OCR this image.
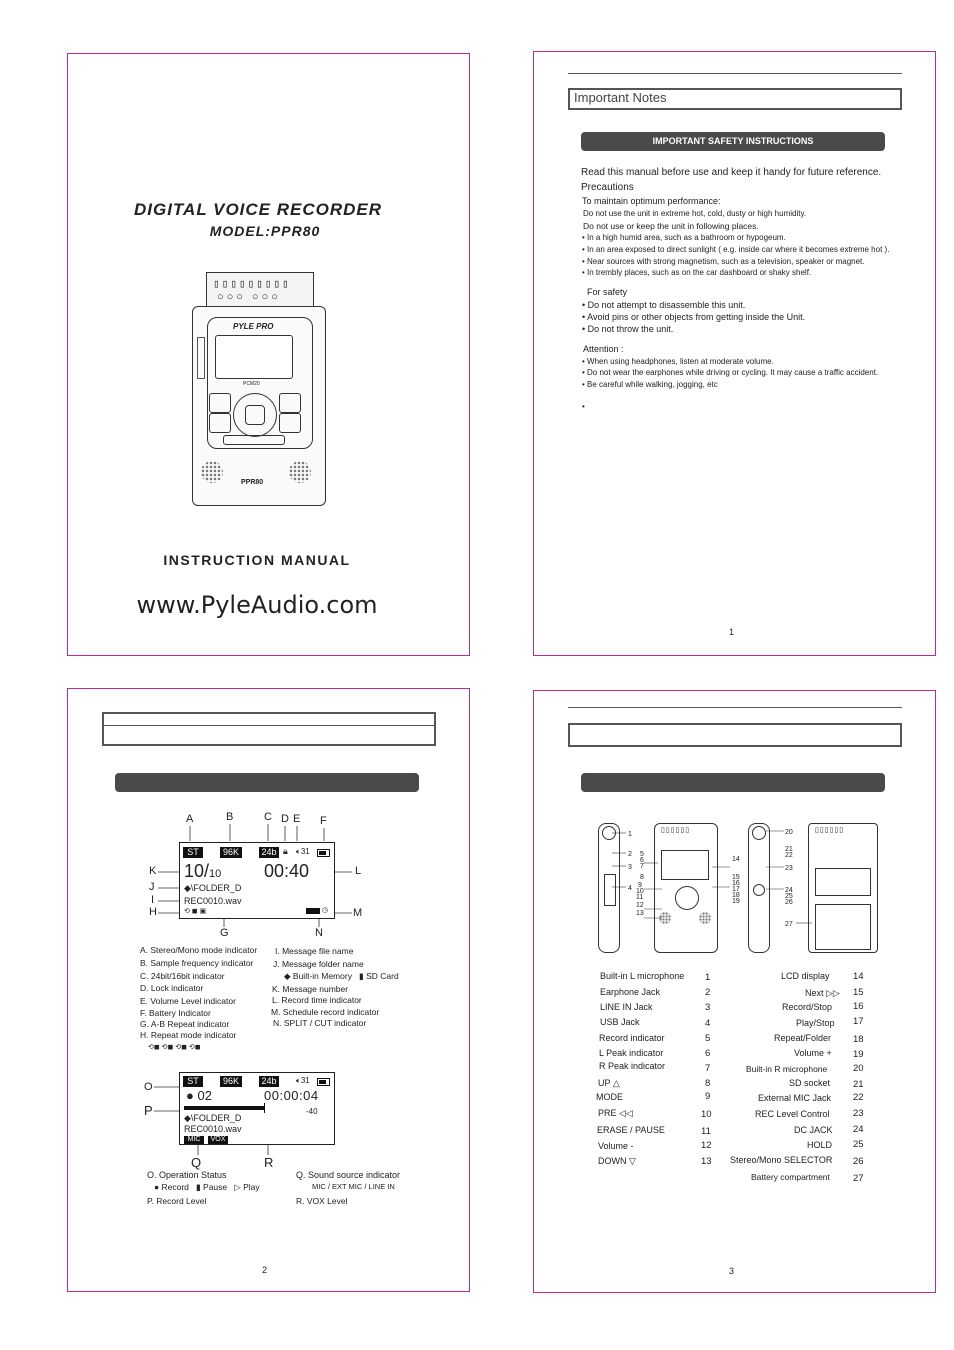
DIGITAL VOICE RECORDER
MODEL:PPR80
▯▯▯▯▯▯▯▯▯
○○○ ○○○
PYLE PRO
PCM20
PPR80
INSTRUCTION MANUAL
www.PyleAudio.com
Important Notes
IMPORTANT SAFETY INSTRUCTIONS
Read this manual before use and keep it handy for future reference.
Precautions
To maintain optimum performance:
Do not use the unit in extreme hot, cold, dusty or high humidity.
Do not use or keep the unit in following places.
• In a high humid area, such as a bathroom or hypogeum.
• In an area exposed to direct sunlight ( e.g. inside car where it becomes extreme hot ).
• Near sources with strong magnetism, such as a television, speaker or magnet.
• In trembly places, such as on the car dashboard or shaky shelf.
For safety
• Do not attempt to disassemble this unit.
• Avoid pins or other objects from getting inside the Unit.
• Do not throw the unit.
Attention :
• When using headphones, listen at moderate volume.
• Do not wear the earphones while driving or cycling. It may cause a traffic accident.
• Be careful while walking, jogging, etc
•
1
A	B	C D E F
K
J
I
H
L
M
G	N
ST	96K	24b 🔒︎ 🔈︎31
10/10 00:40
◆\FOLDER_D
REC0010.wav
⟲ ◼ ▣	◷
A. Stereo/Mono mode indicator
B. Sample frequency indicator
C. 24bit/16bit indicator
D. Lock indicator
E. Volume Level indicator
F. Battery Indicator
G. A-B Repeat indicator
H. Repeat mode indicator
⟲◼ ⟲◼ ⟲◼ ⟲◼
I. Message file name
J. Message folder name
◆ Built-in Memory   ▮ SD Card
K. Message number
L. Record time indicator
M. Schedule record indicator
N. SPLIT / CUT indicator
O
P
Q	R
ST	96K	24b	🔈︎31
● 02	00:00:04
-40
◆\FOLDER_D
REC0010.wav
MIC	VOX
O. Operation Status
● Record   ▮ Pause   ▷ Play
P. Record Level
Q. Sound source indicator
MIC / EXT MIC / LINE IN
R. VOX Level
2
▯▯▯▯▯▯	▯▯▯▯▯▯
1
2
3
4
5
6
7
8
9
10
11
12
13
14
15
16
17
18
19
20
21
22
23
24
25
26
27
Built-in L microphone 1
Earphone Jack	2
LINE IN Jack	3
USB Jack	4
Record indicator	5
L Peak indicator	6
R Peak indicator	7
UP △	8
MODE	9
PRE ◁◁	10
ERASE / PAUSE	11
Volume -	12
DOWN ▽	13
LCD display 14
Next ▷▷ 15
Record/Stop 16
Play/Stop 17
Repeat/Folder 18
Volume + 19
Built-in R microphone	20
SD socket 21
External MIC Jack 22
REC Level Control 23
DC JACK 24
HOLD 25
Stereo/Mono SELECTOR 26
Battery compartment 27
3
